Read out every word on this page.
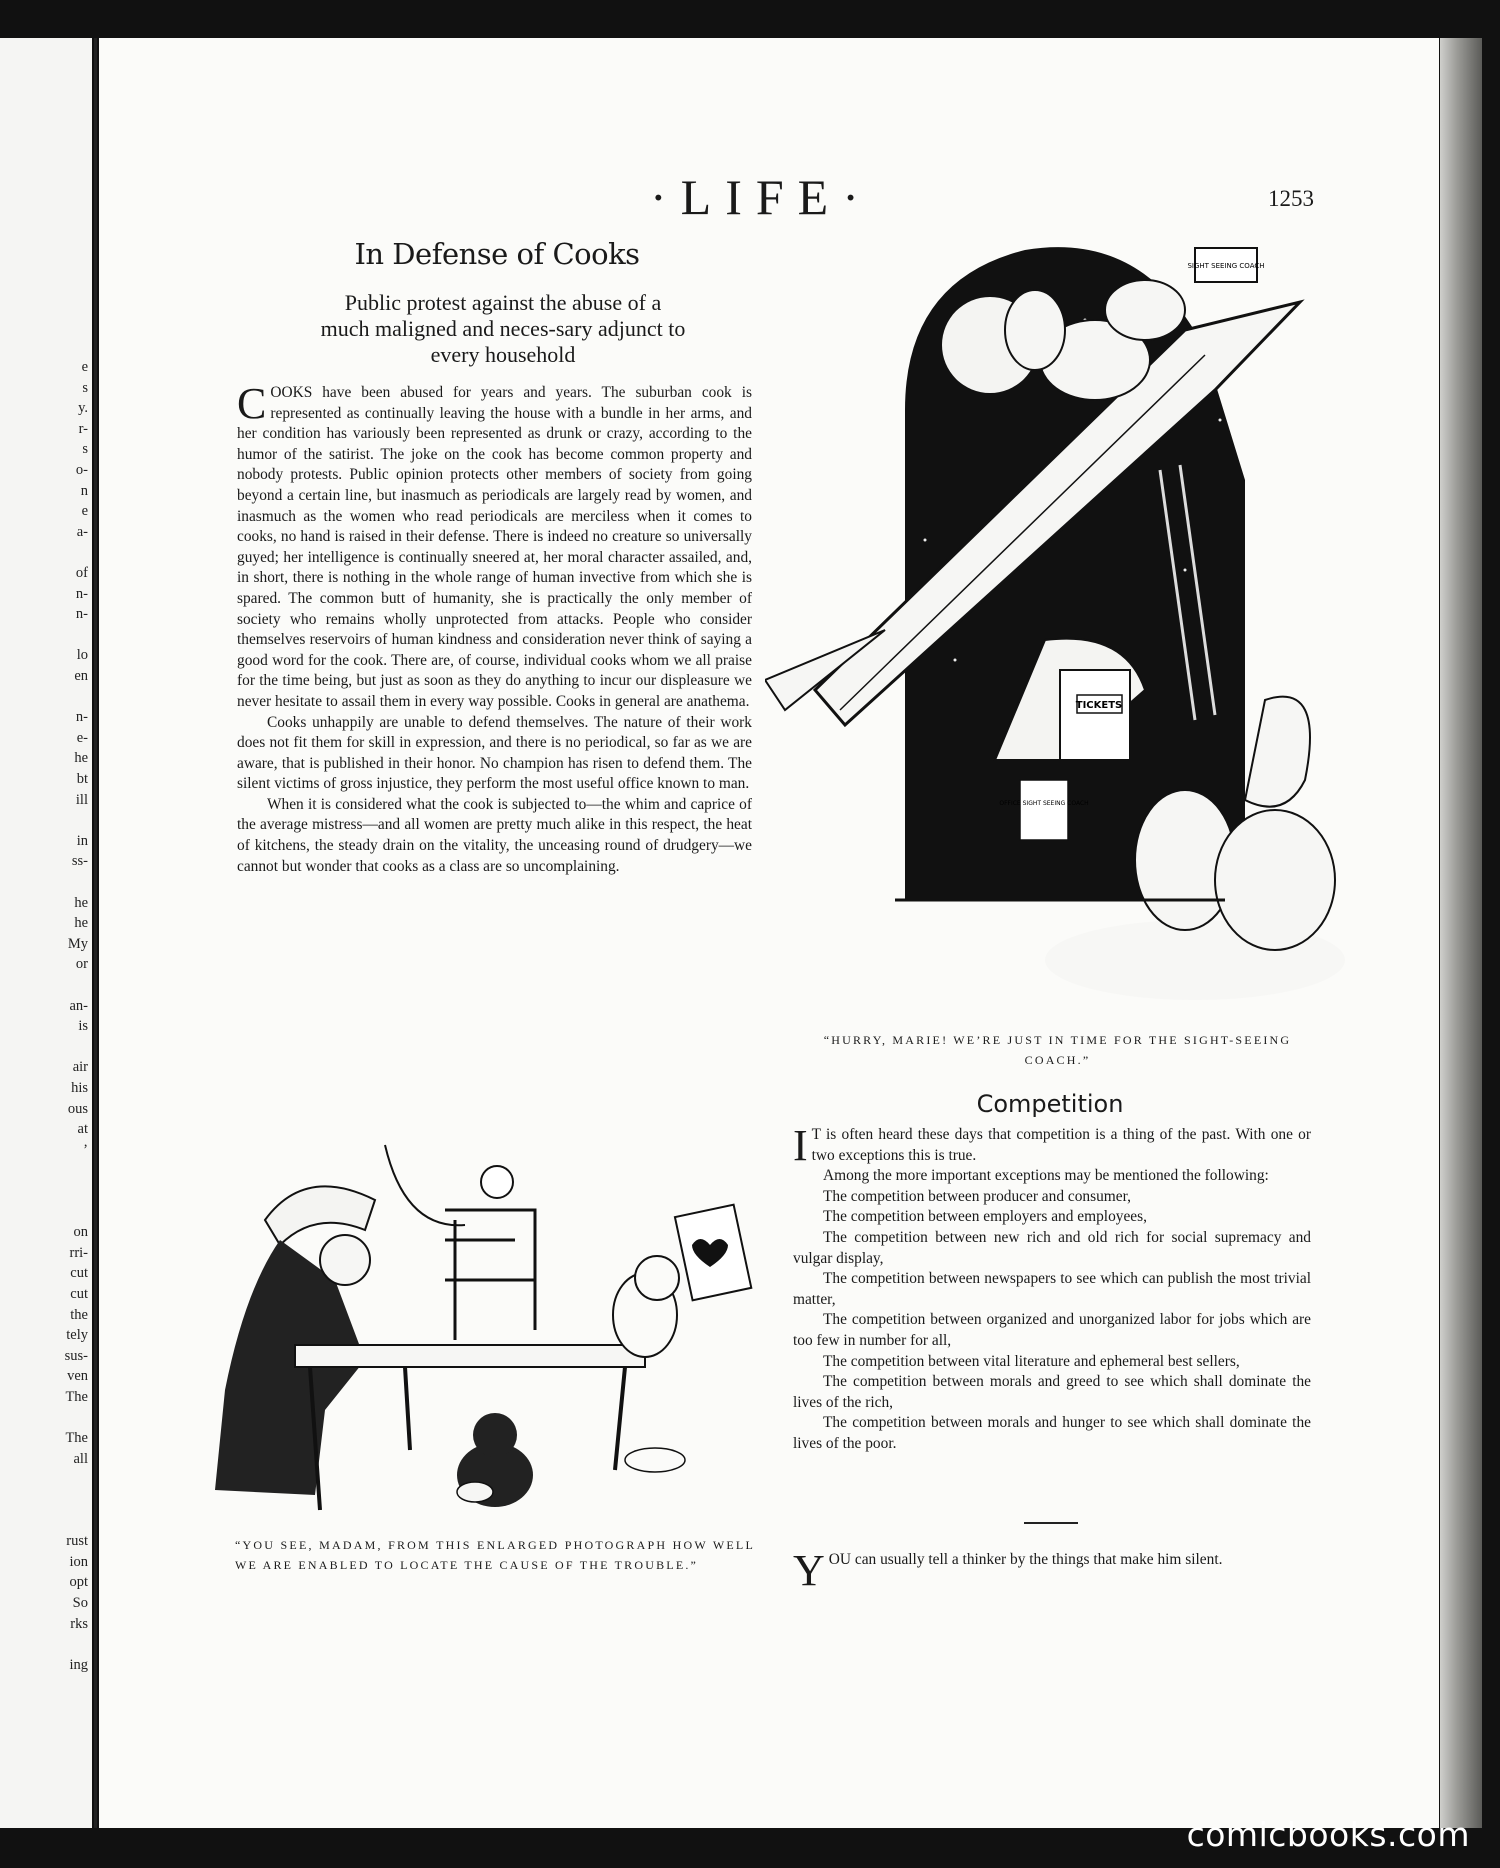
e
s
y.
r-
s
o-
n
e
a-
of
n-
n-
lo
en
n-
e-
he
bt
ill
in
ss-
he
he
My
or
an-
is
air
his
ous
at
’
on
rri-
cut
cut
the
tely
sus-
ven
The
The
all
rust
ion
opt
So
rks
ing
·LIFE·	1253
In Defense of Cooks
Public protest against the abuse of a much maligned and neces-sary adjunct to every household

COOKS have been abused for years and years. The suburban cook is represented as continually leaving the house with a bundle in her arms, and her condition has variously been represented as drunk or crazy, according to the humor of the satirist. The joke on the cook has become common property and nobody protests. Public opinion protects other members of society from going beyond a certain line, but inasmuch as periodicals are largely read by women, and inasmuch as the women who read periodicals are merciless when it comes to cooks, no hand is raised in their defense. There is indeed no creature so universally guyed; her intelligence is continually sneered at, her moral character assailed, and, in short, there is nothing in the whole range of human invective from which she is spared. The common butt of humanity, she is practically the only member of society who remains wholly unprotected from attacks. People who consider themselves reservoirs of human kindness and consideration never think of saying a good word for the cook. There are, of course, individual cooks whom we all praise for the time being, but just as soon as they do anything to incur our displeasure we never hesitate to assail them in every way possible. Cooks in general are anathema.

Cooks unhappily are unable to defend themselves. The nature of their work does not fit them for skill in expression, and there is no periodical, so far as we are aware, that is published in their honor. No champion has risen to defend them. The silent victims of gross injustice, they perform the most useful office known to man.

When it is considered what the cook is subjected to—the whim and caprice of the average mistress—and all women are pretty much alike in this respect, the heat of kitchens, the steady drain on the vitality, the unceasing round of drudgery—we cannot but wonder that cooks as a class are so uncomplaining.

SIGHT SEEING COACH
TICKETS
OFFICE SIGHT SEEING COACH
“HURRY, MARIE! WE’RE JUST IN TIME FOR THE SIGHT-SEEING COACH.”
“YOU SEE, MADAM, FROM THIS ENLARGED PHOTOGRAPH HOW WELL WE ARE ENABLED TO LOCATE THE CAUSE OF THE TROUBLE.”
Competition

I T is often heard these days that competition is a thing of the past. With one or two exceptions this is true.

Among the more important exceptions may be mentioned the following:

The competition between producer and consumer,

The competition between employers and employees,

The competition between new rich and old rich for social supremacy and vulgar display,

The competition between newspapers to see which can publish the most trivial matter,

The competition between organized and unorganized labor for jobs which are too few in number for all,

The competition between vital literature and ephemeral best sellers,

The competition between morals and greed to see which shall dominate the lives of the rich,

The competition between morals and hunger to see which shall dominate the lives of the poor.

YOU can usually tell a thinker by the things that make him silent.

comicbooks.com
